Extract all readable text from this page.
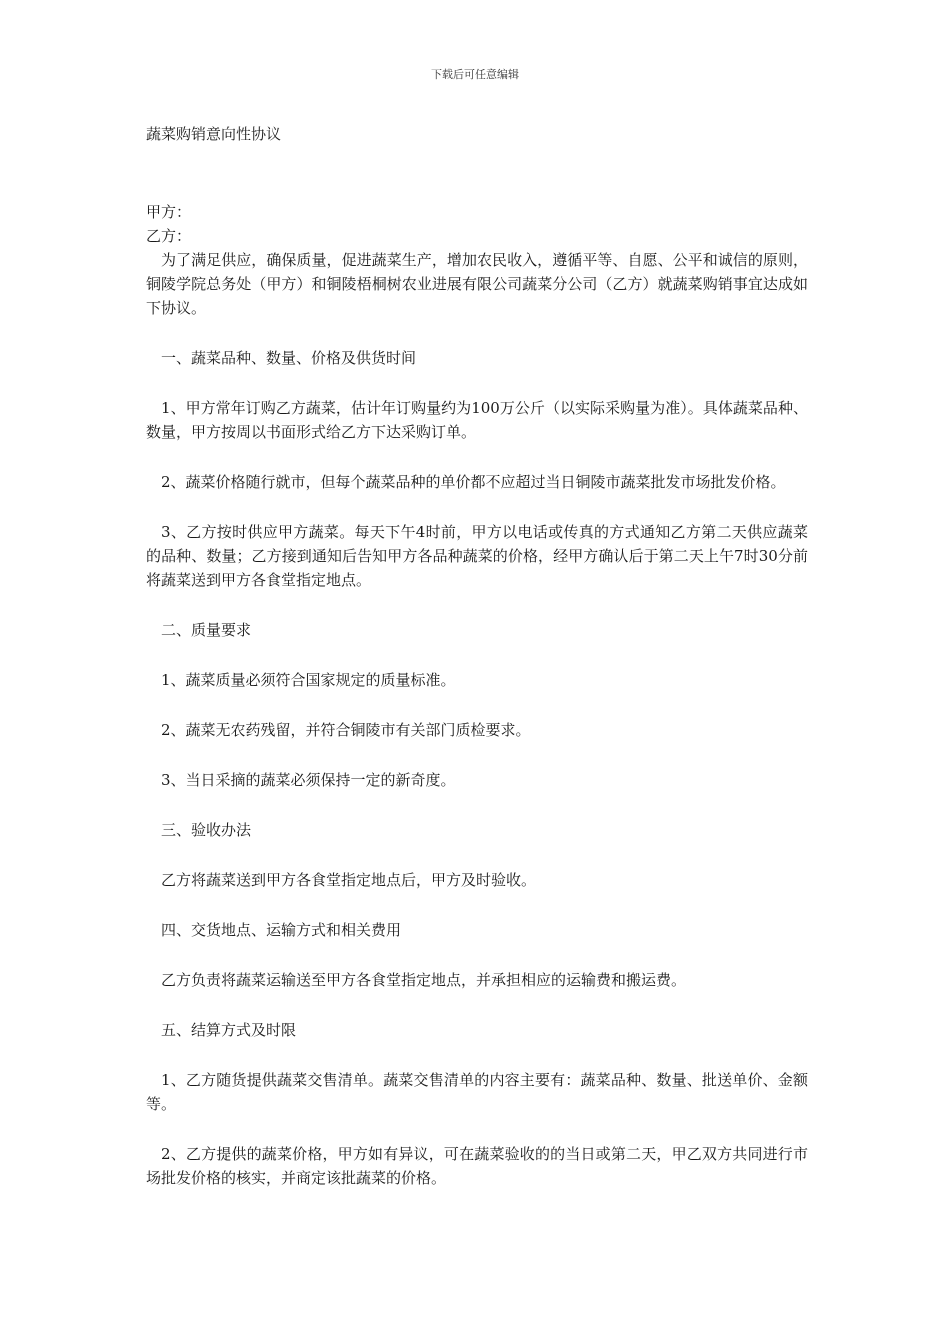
下载后可任意编辑
蔬菜购销意向性协议

甲方：

乙方：

为了满足供应，确保质量，促进蔬菜生产，增加农民收入，遵循平等、自愿、公平和诚信的原则，铜陵学院总务处（甲方）和铜陵梧桐树农业进展有限公司蔬菜分公司（乙方）就蔬菜购销事宜达成如下协议。

一、蔬菜品种、数量、价格及供货时间

1、甲方常年订购乙方蔬菜，估计年订购量约为100万公斤（以实际采购量为准）。具体蔬菜品种、数量，甲方按周以书面形式给乙方下达采购订单。

2、蔬菜价格随行就市，但每个蔬菜品种的单价都不应超过当日铜陵市蔬菜批发市场批发价格。

3、乙方按时供应甲方蔬菜。每天下午4时前，甲方以电话或传真的方式通知乙方第二天供应蔬菜的品种、数量；乙方接到通知后告知甲方各品种蔬菜的价格，经甲方确认后于第二天上午7时30分前将蔬菜送到甲方各食堂指定地点。

二、质量要求

1、蔬菜质量必须符合国家规定的质量标准。

2、蔬菜无农药残留，并符合铜陵市有关部门质检要求。

3、当日采摘的蔬菜必须保持一定的新奇度。

三、验收办法

乙方将蔬菜送到甲方各食堂指定地点后，甲方及时验收。

四、交货地点、运输方式和相关费用

乙方负责将蔬菜运输送至甲方各食堂指定地点，并承担相应的运输费和搬运费。

五、结算方式及时限

1、乙方随货提供蔬菜交售清单。蔬菜交售清单的内容主要有：蔬菜品种、数量、批送单价、金额等。

2、乙方提供的蔬菜价格，甲方如有异议，可在蔬菜验收的的当日或第二天，甲乙双方共同进行市场批发价格的核实，并商定该批蔬菜的价格。
